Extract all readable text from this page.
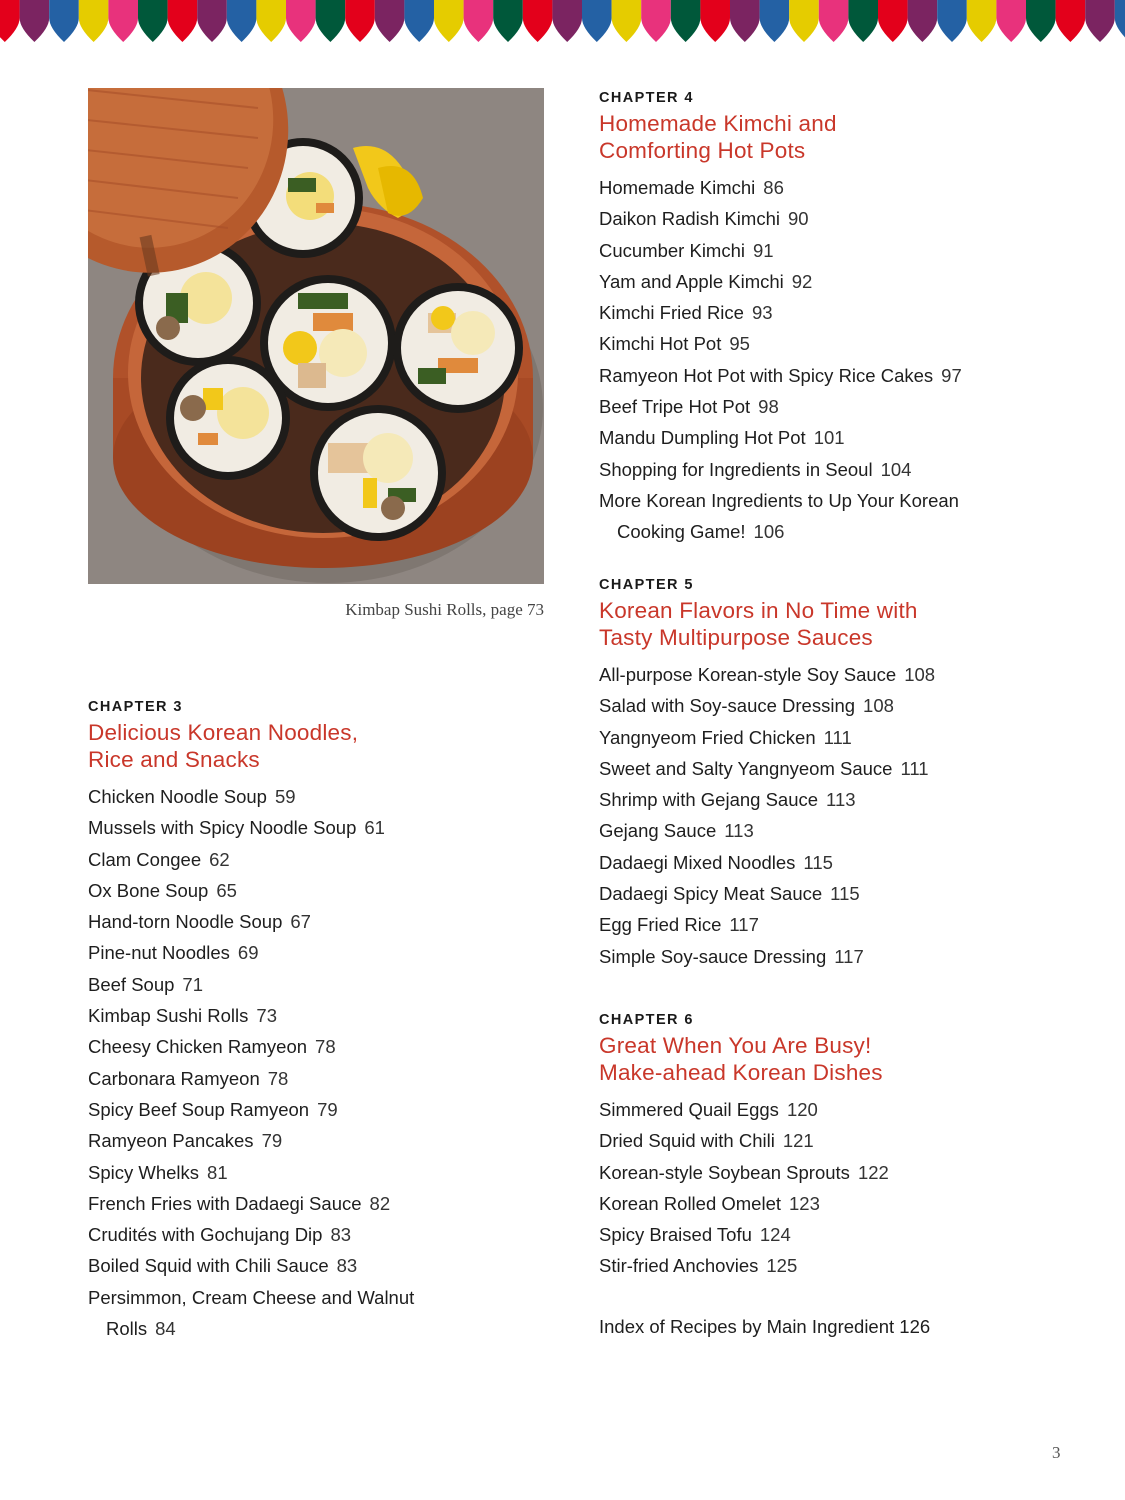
Kimbap Sushi Rolls, page 73
CHAPTER 3
Delicious Korean Noodles,
Rice and Snacks
Chicken Noodle Soup 59
Mussels with Spicy Noodle Soup 61
Clam Congee 62
Ox Bone Soup 65
Hand-torn Noodle Soup 67
Pine-nut Noodles 69
Beef Soup 71
Kimbap Sushi Rolls 73
Cheesy Chicken Ramyeon 78
Carbonara Ramyeon 78
Spicy Beef Soup Ramyeon 79
Ramyeon Pancakes 79
Spicy Whelks 81
French Fries with Dadaegi Sauce 82
Crudités with Gochujang Dip 83
Boiled Squid with Chili Sauce 83
Persimmon, Cream Cheese and Walnut
Rolls 84
CHAPTER 4
Homemade Kimchi and
Comforting Hot Pots
Homemade Kimchi 86
Daikon Radish Kimchi 90
Cucumber Kimchi 91
Yam and Apple Kimchi 92
Kimchi Fried Rice 93
Kimchi Hot Pot 95
Ramyeon Hot Pot with Spicy Rice Cakes 97
Beef Tripe Hot Pot 98
Mandu Dumpling Hot Pot 101
Shopping for Ingredients in Seoul 104
More Korean Ingredients to Up Your Korean
Cooking Game! 106
CHAPTER 5
Korean Flavors in No Time with
Tasty Multipurpose Sauces
All-purpose Korean-style Soy Sauce 108
Salad with Soy-sauce Dressing 108
Yangnyeom Fried Chicken 111
Sweet and Salty Yangnyeom Sauce 111
Shrimp with Gejang Sauce 113
Gejang Sauce 113
Dadaegi Mixed Noodles 115
Dadaegi Spicy Meat Sauce 115
Egg Fried Rice 117
Simple Soy-sauce Dressing 117
CHAPTER 6
Great When You Are Busy!
Make-ahead Korean Dishes
Simmered Quail Eggs 120
Dried Squid with Chili 121
Korean-style Soybean Sprouts 122
Korean Rolled Omelet 123
Spicy Braised Tofu 124
Stir-fried Anchovies 125
Index of Recipes by Main Ingredient 126
3
